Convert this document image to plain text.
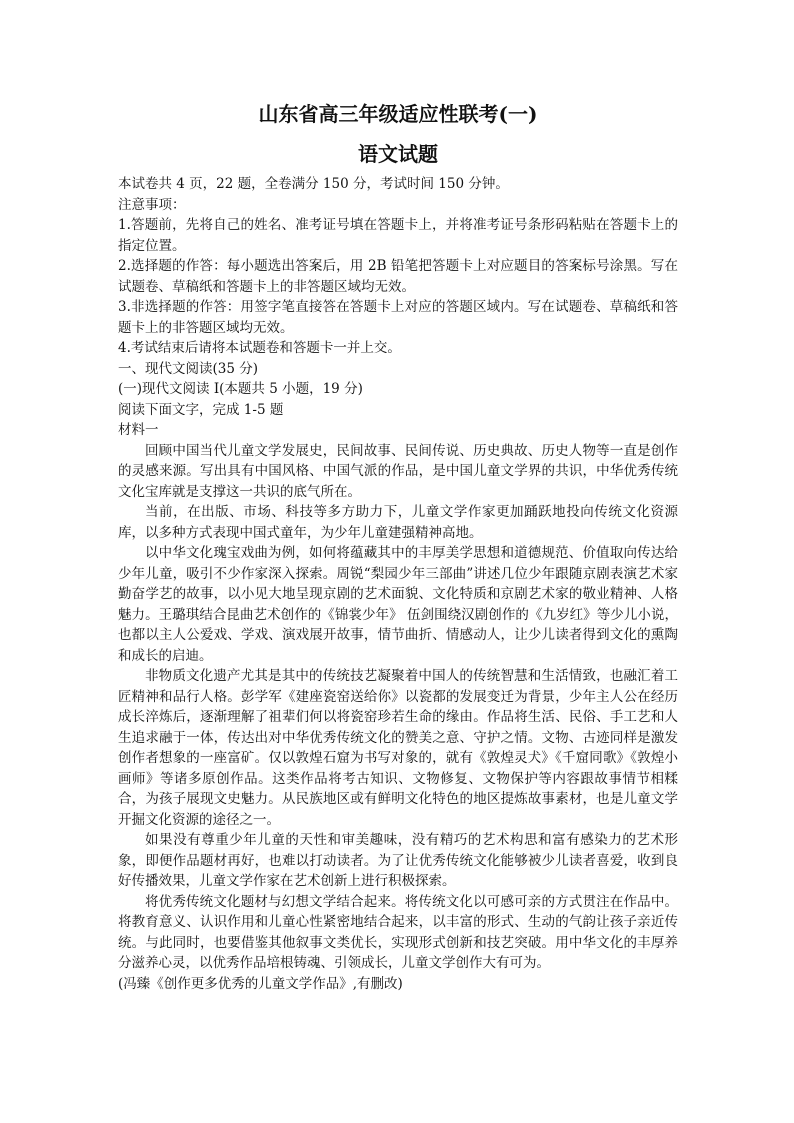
山东省高三年级适应性联考(一)
语文试题

本试卷共 4 页，22 题，全卷满分 150 分，考试时间 150 分钟。

注意事项：

1.答题前，先将自己的姓名、准考证号填在答题卡上，并将准考证号条形码粘贴在答题卡上的指定位置。

2.选择题的作答：每小题选出答案后，用 2B 铅笔把答题卡上对应题目的答案标号涂黑。写在试题卷、草稿纸和答题卡上的非答题区域均无效。

3.非选择题的作答：用签字笔直接答在答题卡上对应的答题区域内。写在试题卷、草稿纸和答题卡上的非答题区域均无效。

4.考试结束后请将本试题卷和答题卡一并上交。

一、现代文阅读(35 分)

(一)现代文阅读 I(本题共 5 小题，19 分)

阅读下面文字，完成 1-5 题

材料一

回顾中国当代儿童文学发展史，民间故事、民间传说、历史典故、历史人物等一直是创作的灵感来源。写出具有中国风格、中国气派的作品，是中国儿童文学界的共识，中华优秀传统文化宝库就是支撑这一共识的底气所在。

当前，在出版、市场、科技等多方助力下，儿童文学作家更加踊跃地投向传统文化资源库，以多种方式表现中国式童年，为少年儿童建强精神高地。

以中华文化瑰宝戏曲为例，如何将蕴藏其中的丰厚美学思想和道德规范、价值取向传达给少年儿童，吸引不少作家深入探索。周锐“梨园少年三部曲”讲述几位少年跟随京剧表演艺术家勤奋学艺的故事，以小见大地呈现京剧的艺术面貌、文化特质和京剧艺术家的敬业精神、人格魅力。王璐琪结合昆曲艺术创作的《锦裳少年》 伍剑围绕汉剧创作的《九岁红》等少儿小说，也都以主人公爱戏、学戏、演戏展开故事，情节曲折、情感动人，让少儿读者得到文化的熏陶和成长的启迪。

非物质文化遗产尤其是其中的传统技艺凝聚着中国人的传统智慧和生活情致，也融汇着工匠精神和品行人格。彭学军《建座瓷窑送给你》以瓷都的发展变迁为背景，少年主人公在经历成长淬炼后，逐渐理解了祖辈们何以将瓷窑珍若生命的缘由。作品将生活、民俗、手工艺和人生追求融于一体，传达出对中华优秀传统文化的赞美之意、守护之情。文物、古迹同样是激发创作者想象的一座富矿。仅以敦煌石窟为书写对象的，就有《敦煌灵犬》《千窟同歌》《敦煌小画师》等诸多原创作品。这类作品将考古知识、文物修复、文物保护等内容跟故事情节相糅合，为孩子展现文史魅力。从民族地区或有鲜明文化特色的地区提炼故事素材，也是儿童文学开掘文化资源的途径之一。

如果没有尊重少年儿童的天性和审美趣味，没有精巧的艺术构思和富有感染力的艺术形象，即便作品题材再好，也难以打动读者。为了让优秀传统文化能够被少儿读者喜爱，收到良好传播效果，儿童文学作家在艺术创新上进行积极探索。

将优秀传统文化题材与幻想文学结合起来。将传统文化以可感可亲的方式贯注在作品中。将教育意义、认识作用和儿童心性紧密地结合起来，以丰富的形式、生动的气韵让孩子亲近传统。与此同时，也要借鉴其他叙事文类优长，实现形式创新和技艺突破。用中华文化的丰厚养分滋养心灵，以优秀作品培根铸魂、引领成长，儿童文学创作大有可为。

(冯臻《创作更多优秀的儿童文学作品》,有删改)
